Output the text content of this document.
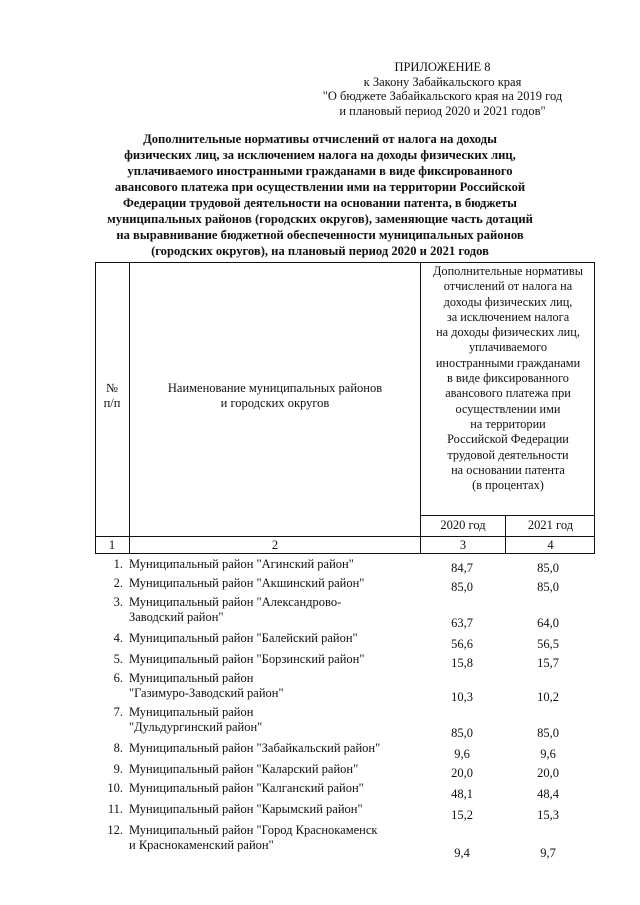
ПРИЛОЖЕНИЕ 8
к Закону Забайкальского края
"О бюджете Забайкальского края на 2019 год
и плановый период 2020 и 2021 годов"
Дополнительные нормативы отчислений от налога на доходы
физических лиц, за исключением налога на доходы физических лиц,
уплачиваемого иностранными гражданами в виде фиксированного
авансового платежа при осуществлении ими на территории Российской
Федерации трудовой деятельности на основании патента, в бюджеты
муниципальных районов (городских округов), заменяющие часть дотаций
на выравнивание бюджетной обеспеченности муниципальных районов
(городских округов), на плановый период 2020 и 2021 годов
№
п/п
Наименование муниципальных районов
и городских округов
Дополнительные нормативы
отчислений от налога на
доходы физических лиц,
за исключением налога
на доходы физических лиц,
уплачиваемого
иностранными гражданами
в виде фиксированного
авансового платежа при
осуществлении ими
на территории
Российской Федерации
трудовой деятельности
на основании патента
(в процентах)
2020 год	2021 год
1	2	3	4
1. Муниципальный район "Агинский район"	84,7	85,0
2. Муниципальный район "Акшинский район"	85,0	85,0
3. Муниципальный район "Александрово-
Заводский район"	63,7	64,0
4. Муниципальный район "Балейский район"	56,6	56,5
5. Муниципальный район "Борзинский район"	15,8	15,7
6. Муниципальный район
"Газимуро-Заводский район"	10,3	10,2
7. Муниципальный район
"Дульдургинский район"	85,0	85,0
8. Муниципальный район "Забайкальский район"	9,6	9,6
9. Муниципальный район "Каларский район"	20,0	20,0
10. Муниципальный район "Калганский район"	48,1	48,4
11. Муниципальный район "Карымский район"	15,2	15,3
12. Муниципальный район "Город Краснокаменск
и Краснокаменский район"
9,4	9,7
